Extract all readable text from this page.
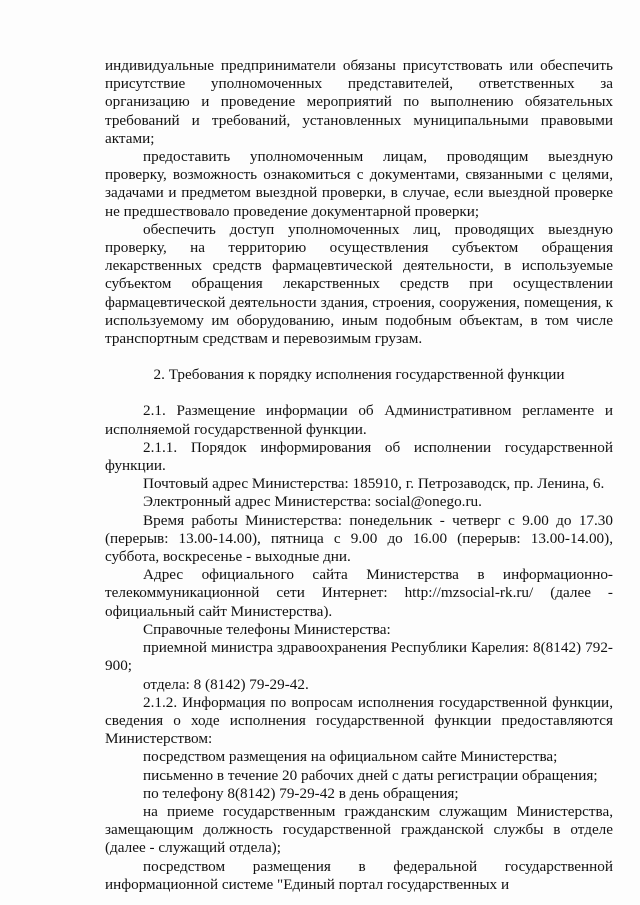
индивидуальные предприниматели обязаны присутствовать или обеспечить присутствие уполномоченных представителей, ответственных за организацию и проведение мероприятий по выполнению обязательных требований и требований, установленных муниципальными правовыми актами;

предоставить уполномоченным лицам, проводящим выездную проверку, возможность ознакомиться с документами, связанными с целями, задачами и предметом выездной проверки, в случае, если выездной проверке не предшествовало проведение документарной проверки;

обеспечить доступ уполномоченных лиц, проводящих выездную проверку, на территорию осуществления субъектом обращения лекарственных средств фармацевтической деятельности, в используемые субъектом обращения лекарственных средств при осуществлении фармацевтической деятельности здания, строения, сооружения, помещения, к используемому им оборудованию, иным подобным объектам, в том числе транспортным средствам и перевозимым грузам.

2. Требования к порядку исполнения государственной функции

2.1. Размещение информации об Административном регламенте и исполняемой государственной функции.

2.1.1. Порядок информирования об исполнении государственной функции.

Почтовый адрес Министерства: 185910, г. Петрозаводск, пр. Ленина, 6.

Электронный адрес Министерства: social@onego.ru.

Время работы Министерства: понедельник - четверг с 9.00 до 17.30 (перерыв: 13.00-14.00), пятница с 9.00 до 16.00 (перерыв: 13.00-14.00), суббота, воскресенье - выходные дни.

Адрес официального сайта Министерства в информационно-телекоммуникационной сети Интернет: http://mzsocial-rk.ru/ (далее - официальный сайт Министерства).

Справочные телефоны Министерства:

приемной министра здравоохранения Республики Карелия: 8(8142) 792-900;

отдела: 8 (8142) 79-29-42.

2.1.2. Информация по вопросам исполнения государственной функции, сведения о ходе исполнения государственной функции предоставляются Министерством:

посредством размещения на официальном сайте Министерства;

письменно в течение 20 рабочих дней с даты регистрации обращения;

по телефону 8(8142) 79-29-42 в день обращения;

на приеме государственным гражданским служащим Министерства, замещающим должность государственной гражданской службы в отделе (далее - служащий отдела);

посредством размещения в федеральной государственной информационной системе "Единый портал государственных и
